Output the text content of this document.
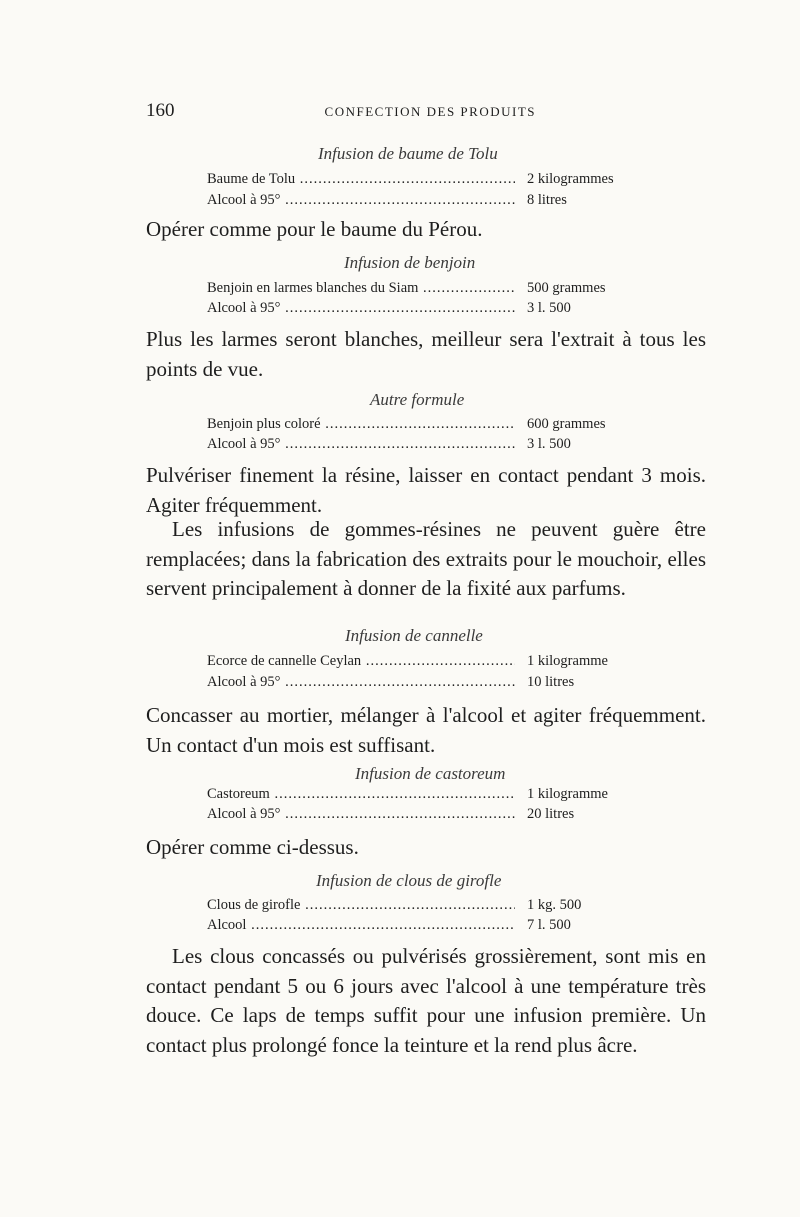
160	CONFECTION DES PRODUITS
Infusion de baume de Tolu
Baume de Tolu .....	2 kilogrammes
Alcool à 95° .....	8 litres
Opérer comme pour le baume du Pérou.
Infusion de benjoin
Benjoin en larmes blanches du Siam .....	500 grammes
Alcool à 95° .....	3 l. 500
Plus les larmes seront blanches, meilleur sera l'extrait à tous les points de vue.
Autre formule
Benjoin plus coloré .....	600 grammes
Alcool à 95° .....	3 l. 500
Pulvériser finement la résine, laisser en contact pendant 3 mois. Agiter fréquemment.
Les infusions de gommes-résines ne peuvent guère être remplacées; dans la fabrication des extraits pour le mouchoir, elles servent principalement à donner de la fixité aux parfums.
Infusion de cannelle
Ecorce de cannelle Ceylan .....	1 kilogramme
Alcool à 95° .....	10 litres
Concasser au mortier, mélanger à l'alcool et agiter fréquemment. Un contact d'un mois est suffisant.
Infusion de castoreum
Castoreum .....	1 kilogramme
Alcool à 95° .....	20 litres
Opérer comme ci-dessus.
Infusion de clous de girofle
Clous de girofle .....	1 kg. 500
Alcool .....	7 l. 500
Les clous concassés ou pulvérisés grossièrement, sont mis en contact pendant 5 ou 6 jours avec l'alcool à une température très douce. Ce laps de temps suffit pour une infusion première. Un contact plus prolongé fonce la teinture et la rend plus âcre.
